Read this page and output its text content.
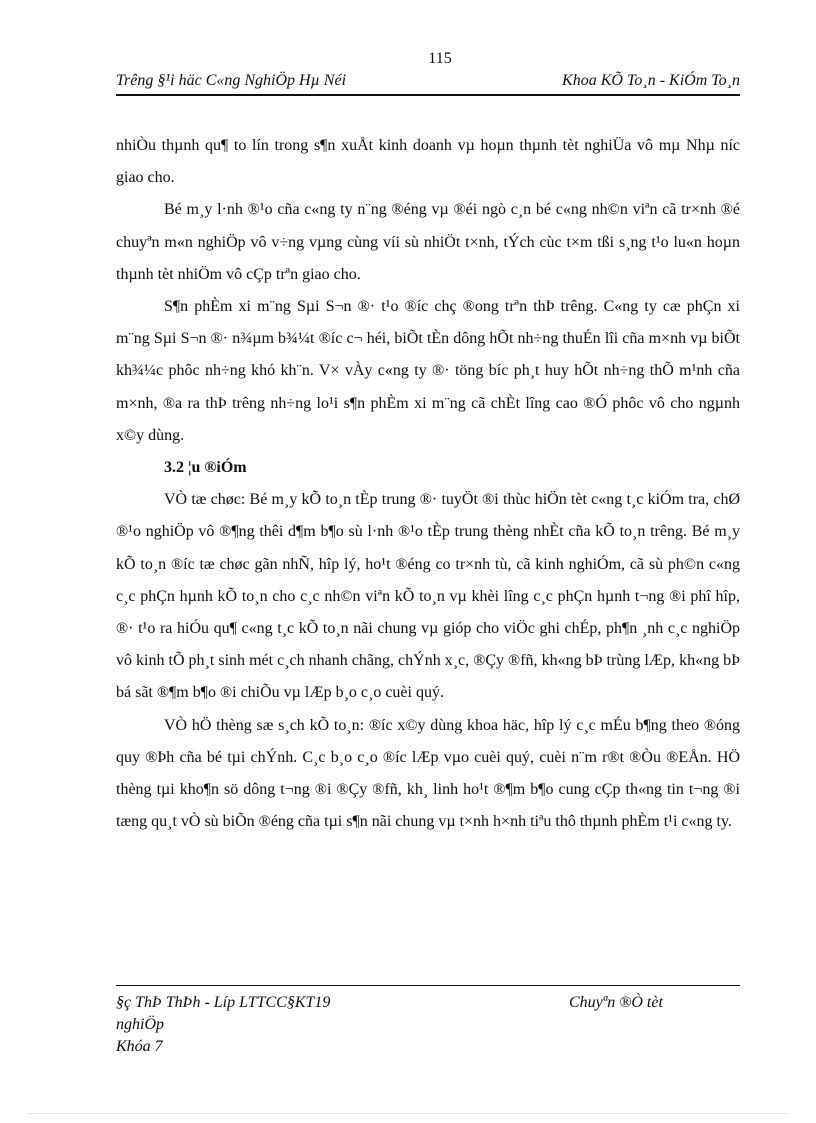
115
Trêng §¹i häc C«ng NghiÖp Hµ Néi	Khoa KÕ To¸n - KiÓm To¸n

nhiÒu thµnh qu¶ to lín trong s¶n xuÅt kinh doanh vµ hoµn thµnh tèt nghiÜa vô mµ Nhµ níc giao cho.

Bé m¸y l·nh ®¹o cña c«ng ty n¨ng ®éng vµ ®éi ngò c¸n bé c«ng nh©n viªn cã tr×nh ®é chuyªn m«n nghiÖp vô v÷ng vµng cùng víi sù nhiÖt t×nh, tÝch cùc t×m tßi s¸ng t¹o lu«n hoµn thµnh tèt nhiÖm vô cÇp trªn giao cho.

S¶n phÈm xi m¨ng Sµi S¬n ®· t¹o ®íc chç ®ong trªn thÞ trêng. C«ng ty cæ phÇn xi m¨ng Sµi S¬n ®· n¾µm b¾¼t ®íc c¬ héi, biÕt tÈn dông hÕt nh÷ng thuÉn lîi cña m×nh vµ biÕt kh¾¼c phôc nh÷ng khó kh¨n. V× vÀy c«ng ty ®· töng bíc ph¸t huy hÕt nh÷ng thÕ m¹nh cña m×nh, ®a ra thÞ trêng nh÷ng lo¹i s¶n phÈm xi m¨ng cã chÈt lîng cao ®Ó phôc vô cho ngµnh x©y dùng.

3.2 ¦u ®iÓm

VÒ tæ chøc: Bé m¸y kÕ to¸n tÈp trung ®· tuyÖt ®i thùc hiÖn tèt c«ng t¸c kiÓm tra, chØ ®¹o nghiÖp vô ®¶ng thêi d¶m b¶o sù l·nh ®¹o tÈp trung thèng nhÈt cña kÕ to¸n trêng. Bé m¸y kÕ to¸n ®íc tæ chøc gãn nhÑ, hîp lý, ho¹t ®éng co tr×nh tù, cã kinh nghiÓm, cã sù ph©n c«ng c¸c phÇn hµnh kÕ to¸n cho c¸c nh©n viªn kÕ to¸n vµ khèi lîng c¸c phÇn hµnh t¬ng ®i phî hîp, ®· t¹o ra hiÓu qu¶ c«ng t¸c kÕ to¸n nãi chung vµ gióp cho viÖc ghi chÉp, ph¶n ¸nh c¸c nghiÖp vô kinh tÕ ph¸t sinh mét c¸ch nhanh chãng, chÝnh x¸c, ®Çy ®fñ, kh«ng bÞ trùng lÆp, kh«ng bÞ bá sãt ®¶m b¶o ®i chiÕu vµ lÆp b¸o c¸o cuèi quý.

VÒ hÖ thèng sæ s¸ch kÕ to¸n: ®íc x©y dùng khoa häc, hîp lý c¸c mÉu b¶ng theo ®óng quy ®Þh cña bé tµi chÝnh. C¸c b¸o c¸o ®íc lÆp vµo cuèi quý, cuèi n¨m r®t ®Òu ®EÅn. HÖ thèng tµi kho¶n sö dông t¬ng ®i ®Çy ®fñ, kh¸ linh ho¹t ®¶m b¶o cung cÇp th«ng tin t¬ng ®i tæng qu¸t vÒ sù biÕn ®éng cña tµi s¶n nãi chung vµ t×nh h×nh tiªu thô thµnh phÈm t¹i c«ng ty.

§ç ThÞ ThÞh - Líp LTTCC§KT19	Chuyªn ®Ò tèt
nghiÖp
Khóa 7
